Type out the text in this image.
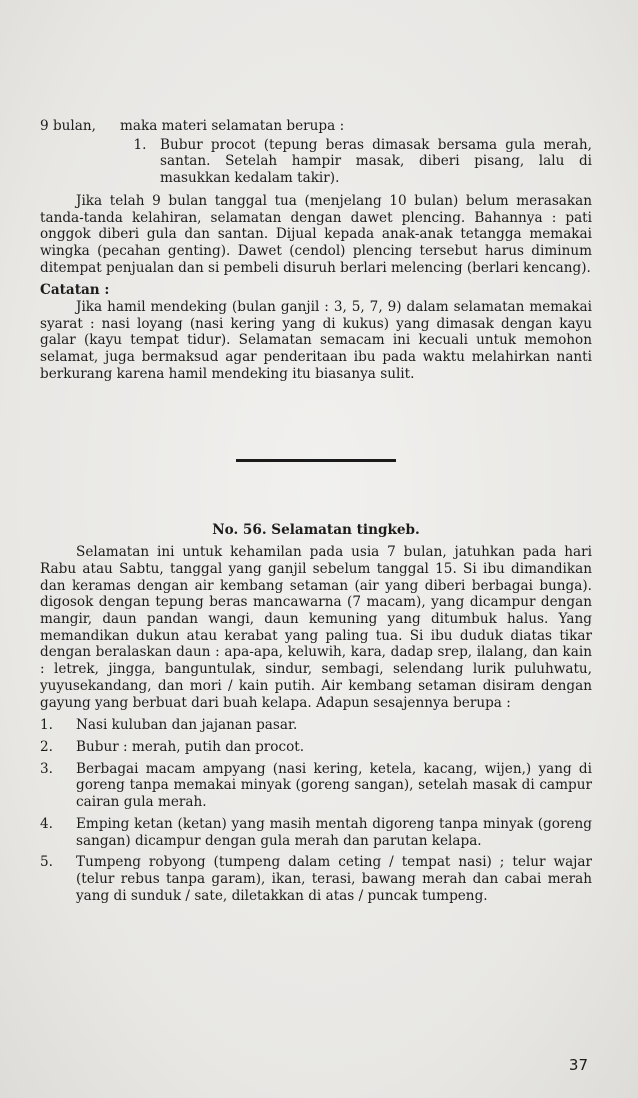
9 bulan,	maka materi selamatan berupa :
1. Bubur procot (tepung beras dimasak bersama gula merah, santan. Setelah hampir masak, diberi pisang, lalu di masukkan kedalam takir).

Jika telah 9 bulan tanggal tua (menjelang 10 bulan) belum merasakan tanda-tanda kelahiran, selamatan dengan dawet plencing. Bahannya : pati onggok diberi gula dan santan. Dijual kepada anak-anak tetangga memakai wingka (pecahan genting). Dawet (cendol) plencing tersebut harus diminum ditempat penjualan dan si pembeli disuruh berlari melencing (berlari kencang).

Catatan :

Jika hamil mendeking (bulan ganjil : 3, 5, 7, 9) dalam selamatan memakai syarat : nasi loyang (nasi kering yang di kukus) yang dimasak dengan kayu galar (kayu tempat tidur). Selamatan semacam ini kecuali untuk memohon selamat, juga bermaksud agar penderitaan ibu pada waktu melahirkan nanti berkurang karena hamil mendeking itu biasanya sulit.

No. 56. Selamatan tingkeb.

Selamatan ini untuk kehamilan pada usia 7 bulan, jatuhkan pada hari Rabu atau Sabtu, tanggal yang ganjil sebelum tanggal 15. Si ibu dimandikan dan keramas dengan air kembang setaman (air yang diberi berbagai bunga). digosok dengan tepung beras mancawarna (7 macam), yang dicampur dengan mangir, daun pandan wangi, daun kemuning yang ditumbuk halus. Yang memandikan dukun atau kerabat yang paling tua. Si ibu duduk diatas tikar dengan beralaskan daun : apa-apa, keluwih, kara, dadap srep, ilalang, dan kain : letrek, jingga, banguntulak, sindur, sembagi, selendang lurik puluhwatu, yuyusekandang, dan mori / kain putih. Air kembang setaman disiram dengan gayung yang berbuat dari buah kelapa. Adapun sesajennya berupa :

1.	Nasi kuluban dan jajanan pasar.
2.	Bubur : merah, putih dan procot.
3.	Berbagai macam ampyang (nasi kering, ketela, kacang, wijen,) yang di goreng tanpa memakai minyak (goreng sangan), setelah masak di campur cairan gula merah.
4.	Emping ketan (ketan) yang masih mentah digoreng tanpa minyak (goreng sangan) dicampur dengan gula merah dan parutan kelapa.
5.	Tumpeng robyong (tumpeng dalam ceting / tempat nasi) ; telur wajar (telur rebus tanpa garam), ikan, terasi, bawang merah dan cabai merah yang di sunduk / sate, diletakkan di atas / puncak tumpeng.
37
